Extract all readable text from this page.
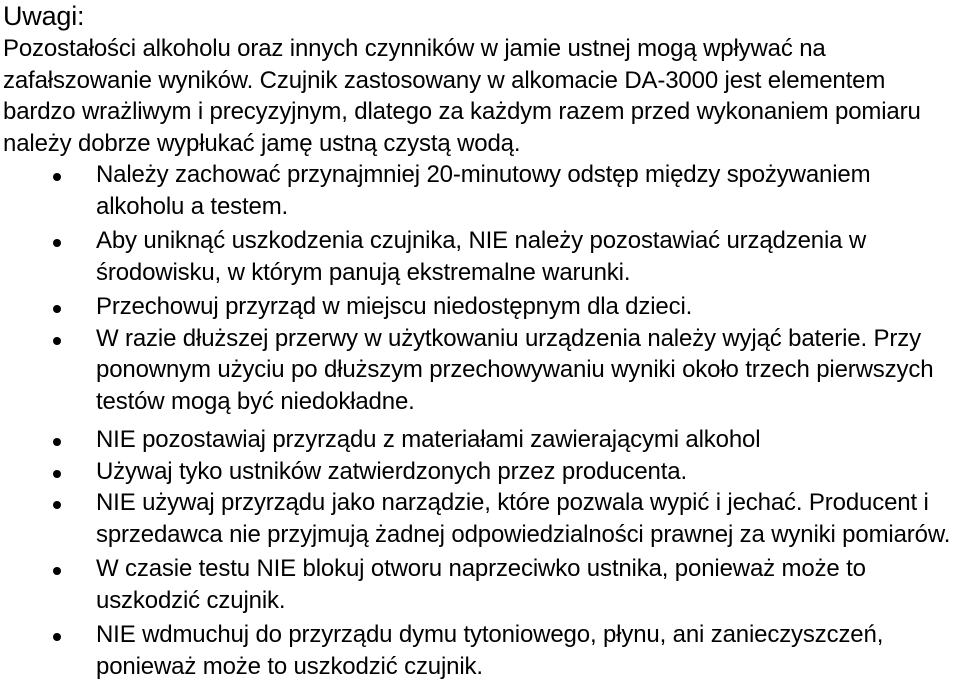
Uwagi:
Pozostałości alkoholu oraz innych czynników w jamie ustnej mogą wpływać na zafałszowanie wyników. Czujnik zastosowany w alkomacie DA-3000 jest elementem bardzo wrażliwym i precyzyjnym, dlatego za każdym razem przed wykonaniem pomiaru należy dobrze wypłukać jamę ustną czystą wodą.
Należy zachować przynajmniej 20-minutowy odstęp między spożywaniem alkoholu a testem.
Aby uniknąć uszkodzenia czujnika, NIE należy pozostawiać urządzenia w środowisku, w którym panują ekstremalne warunki.
Przechowuj przyrząd w miejscu niedostępnym dla dzieci.
W razie dłuższej przerwy w użytkowaniu urządzenia należy wyjąć baterie. Przy ponownym użyciu po dłuższym przechowywaniu wyniki około trzech pierwszych testów mogą być niedokładne.
NIE pozostawiaj przyrządu z materiałami zawierającymi alkohol
Używaj tyko ustników zatwierdzonych przez producenta.
NIE używaj przyrządu jako narządzie, które pozwala wypić i jechać. Producent i sprzedawca nie przyjmują żadnej odpowiedzialności prawnej za wyniki pomiarów.
W czasie testu NIE blokuj otworu naprzeciwko ustnika, ponieważ może to uszkodzić czujnik.
NIE wdmuchuj do przyrządu dymu tytoniowego, płynu, ani zanieczyszczeń, ponieważ może to uszkodzić czujnik.
